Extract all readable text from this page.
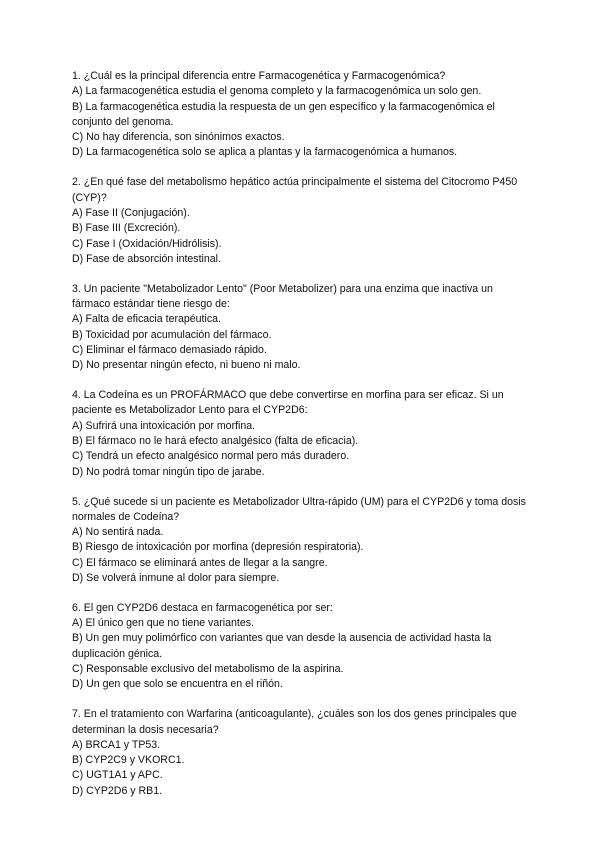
1. ¿Cuál es la principal diferencia entre Farmacogenética y Farmacogenómica?
A) La farmacogenética estudia el genoma completo y la farmacogenómica un solo gen.
B) La farmacogenética estudia la respuesta de un gen específico y la farmacogenómica el conjunto del genoma.
C) No hay diferencia, son sinónimos exactos.
D) La farmacogenética solo se aplica a plantas y la farmacogenómica a humanos.
2. ¿En qué fase del metabolismo hepático actúa principalmente el sistema del Citocromo P450 (CYP)?
A) Fase II (Conjugación).
B) Fase III (Excreción).
C) Fase I (Oxidación/Hidrólisis).
D) Fase de absorción intestinal.
3. Un paciente "Metabolizador Lento" (Poor Metabolizer) para una enzima que inactiva un fármaco estándar tiene riesgo de:
A) Falta de eficacia terapéutica.
B) Toxicidad por acumulación del fármaco.
C) Eliminar el fármaco demasiado rápido.
D) No presentar ningún efecto, ni bueno ni malo.
4. La Codeína es un PROFÁRMACO que debe convertirse en morfina para ser eficaz. Si un paciente es Metabolizador Lento para el CYP2D6:
A) Sufrirá una intoxicación por morfina.
B) El fármaco no le hará efecto analgésico (falta de eficacia).
C) Tendrá un efecto analgésico normal pero más duradero.
D) No podrá tomar ningún tipo de jarabe.
5. ¿Qué sucede si un paciente es Metabolizador Ultra-rápido (UM) para el CYP2D6 y toma dosis normales de Codeína?
A) No sentirá nada.
B) Riesgo de intoxicación por morfina (depresión respiratoria).
C) El fármaco se eliminará antes de llegar a la sangre.
D) Se volverá inmune al dolor para siempre.
6. El gen CYP2D6 destaca en farmacogenética por ser:
A) El único gen que no tiene variantes.
B) Un gen muy polimórfico con variantes que van desde la ausencia de actividad hasta la duplicación génica.
C) Responsable exclusivo del metabolismo de la aspirina.
D) Un gen que solo se encuentra en el riñón.
7. En el tratamiento con Warfarina (anticoagulante), ¿cuáles son los dos genes principales que determinan la dosis necesaria?
A) BRCA1 y TP53.
B) CYP2C9 y VKORC1.
C) UGT1A1 y APC.
D) CYP2D6 y RB1.
